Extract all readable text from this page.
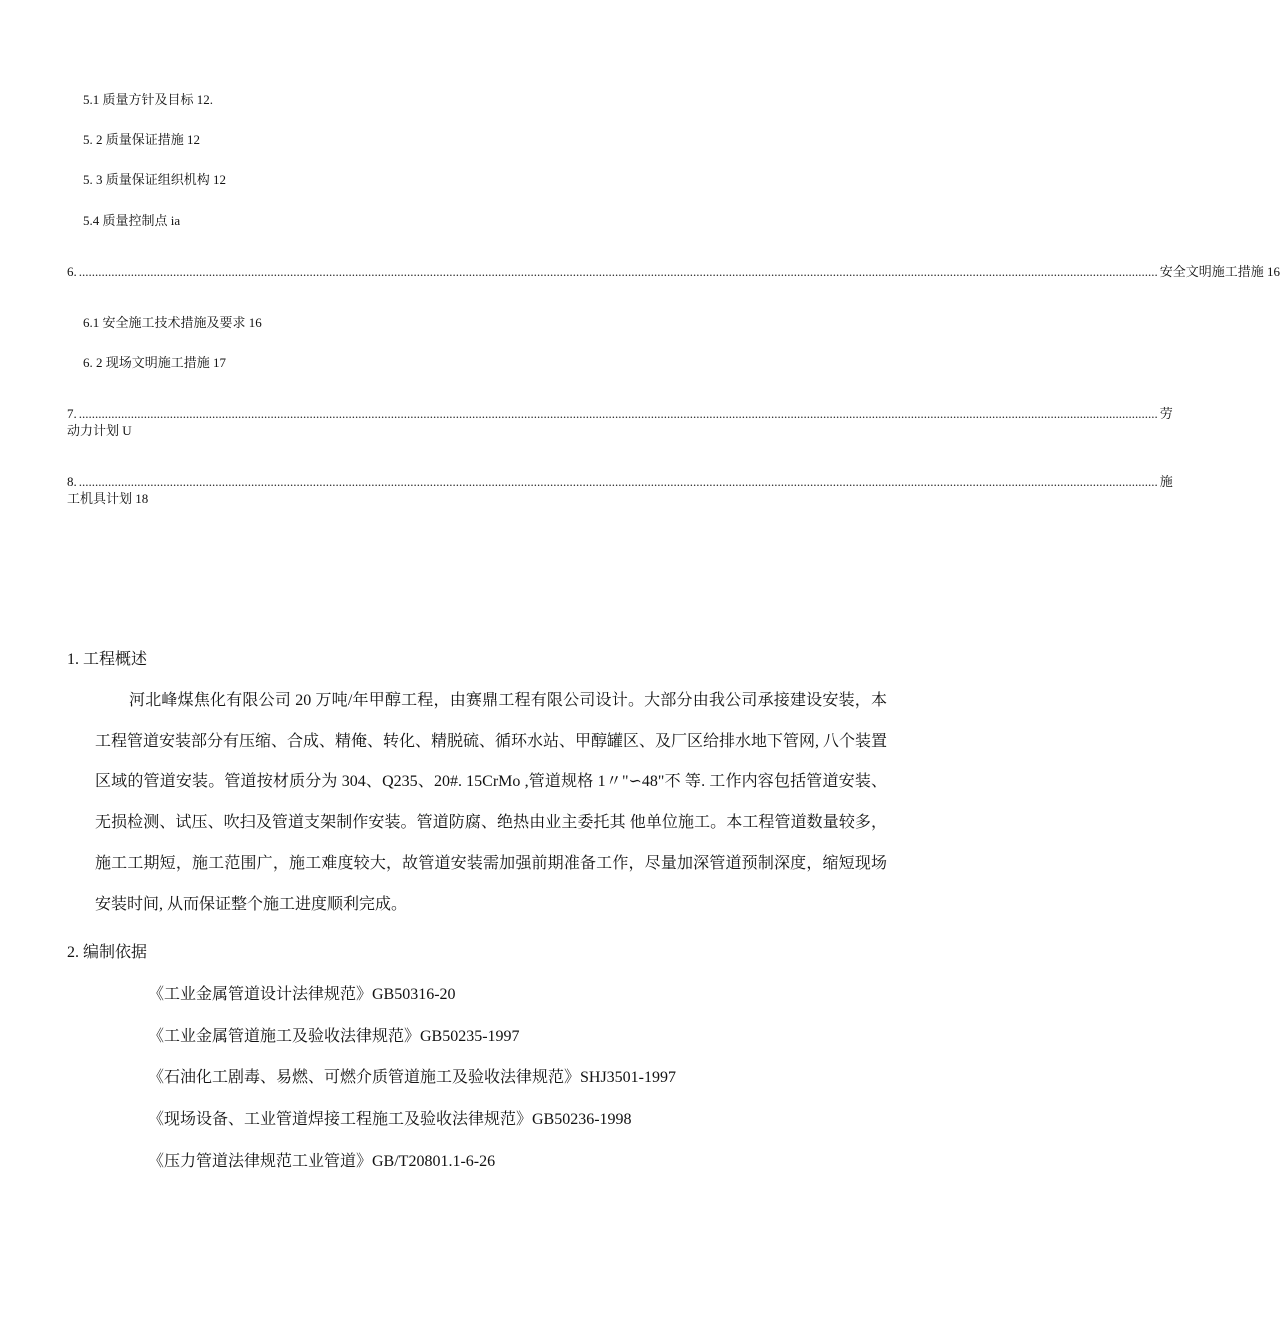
5.1 质量方针及目标 12.
5. 2 质量保证措施 12
5. 3 质量保证组织机构 12
5.4 质量控制点 ia
6. ............................................................................................................................................................................................................................................................................................................................................ 安全文明施工措施 16
6.1 安全施工技术措施及要求 16
6. 2 现场文明施工措施 17
7. ............................................................................................................................................................................................................................................................................................................................................ 劳
动力计划 U
8. ............................................................................................................................................................................................................................................................................................................................................ 施
工机具计划 18
1. 工程概述
河北峰煤焦化有限公司 20 万吨/年甲醇工程，由赛鼎工程有限公司设计。大部分由我公司承接建设安装，本工程管道安装部分有压缩、合成、精俺、转化、精脱硫、循环水站、甲醇罐区、及厂区给排水地下管网, 八个装置区域的管道安装。管道按材质分为 304、Q235、20#. 15CrMo ,管道规格 1〃"∽48"不 等. 工作内容包括管道安装、无损检测、试压、吹扫及管道支架制作安装。管道防腐、绝热由业主委托其 他单位施工。本工程管道数量较多，施工工期短，施工范围广，施工难度较大，故管道安装需加强前期准备工作，尽量加深管道预制深度，缩短现场安装时间, 从而保证整个施工进度顺利完成。
2. 编制依据
《工业金属管道设计法律规范》GB50316-20
《工业金属管道施工及验收法律规范》GB50235-1997
《石油化工剧毒、易燃、可燃介质管道施工及验收法律规范》SHJ3501-1997
《现场设备、工业管道焊接工程施工及验收法律规范》GB50236-1998
《压力管道法律规范工业管道》GB/T20801.1-6-26
